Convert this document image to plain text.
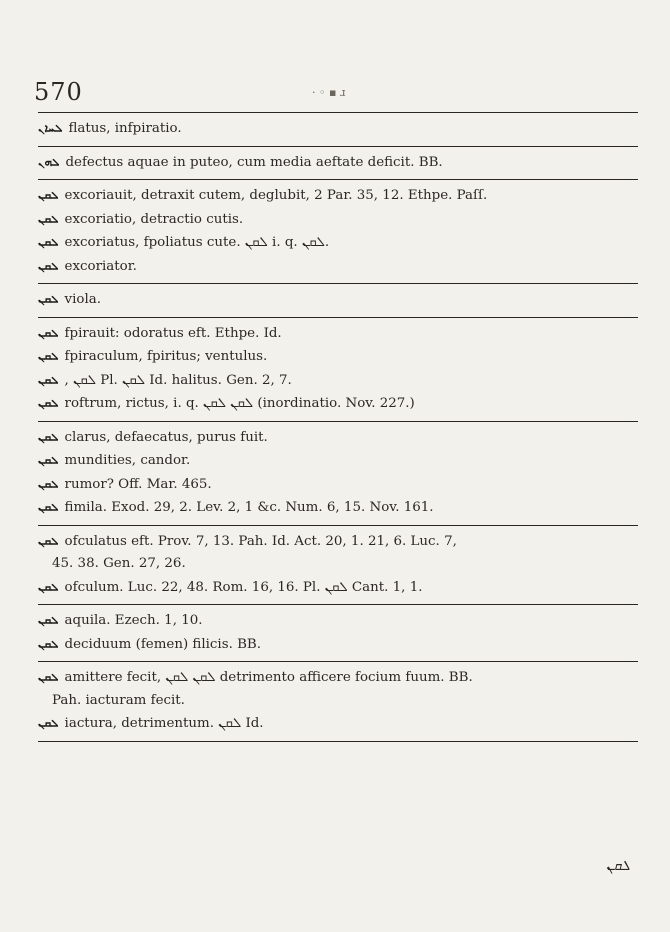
570	· ◦ ▪ ɹ
ܠܚܐܢ flatus, infpiratio.
ܠܗܢ defectus aquae in puteo, cum media aeftate deficit. BB.
ܠܩܢ excoriauit, detraxit cutem, deglubit, 2 Par. 35, 12. Ethpe. Paſſ.
ܠܩܢ excoriatio, detractio cutis.
ܠܩܢ excoriatus, fpoliatus cute. ܠܩܢ i. q. ܠܩܢ.
ܠܩܢ excoriator.
ܠܩܢ viola.
ܠܩܢ fpirauit: odoratus eft. Ethpe. Id.
ܠܩܢ fpiraculum, fpiritus; ventulus.
ܠܩܢ , ܠܩܢ Pl. ܠܩܢ Id. halitus. Gen. 2, 7.
ܠܩܢ roftrum, rictus, i. q. ܠܩܢ ܠܩܢ (inordinatio. Nov. 227.)
ܠܩܢ clarus, defaecatus, purus fuit.
ܠܩܢ mundities, candor.
ܠܩܢ rumor? Off. Mar. 465.
ܠܩܢ fimila. Exod. 29, 2. Lev. 2, 1 &c. Num. 6, 15. Nov. 161.
ܠܩܢ ofculatus eft. Prov. 7, 13. Pah. Id. Act. 20, 1. 21, 6. Luc. 7,
45. 38. Gen. 27, 26.
ܠܩܢ ofculum. Luc. 22, 48. Rom. 16, 16. Pl. ܠܩܢ Cant. 1, 1.
ܠܩܢ aquila. Ezech. 1, 10.
ܠܩܢ deciduum (femen) filicis. BB.
ܠܩܢ amittere fecit, ܠܩܢ ܠܩܢ detrimento afficere focium fuum. BB.
Pah. iacturam fecit.
ܠܩܢ iactura, detrimentum. ܠܩܢ Id.
ܠܩܢ
